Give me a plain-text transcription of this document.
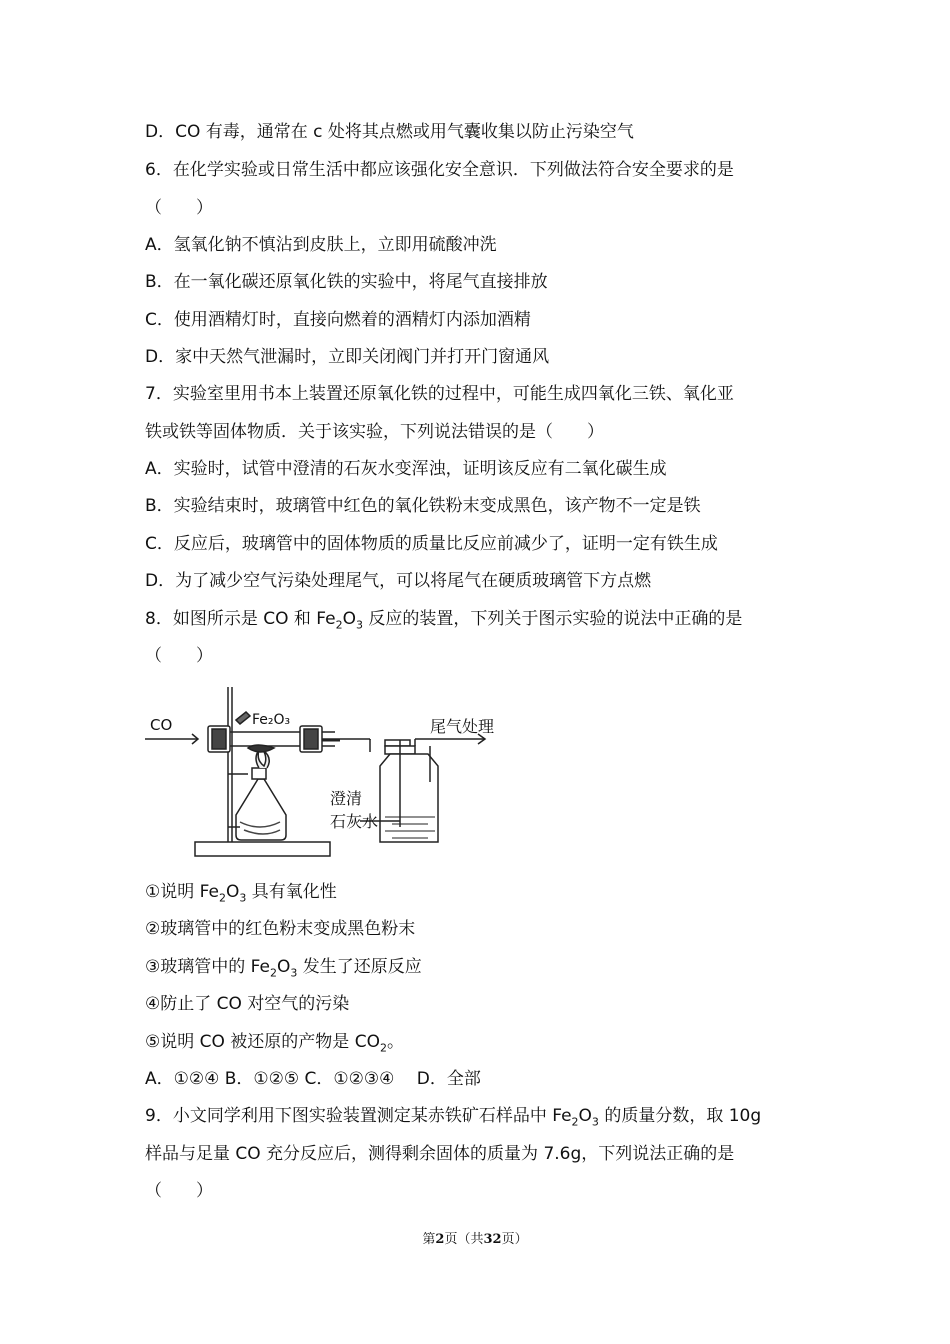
D．CO 有毒，通常在 c 处将其点燃或用气囊收集以防止污染空气
6．在化学实验或日常生活中都应该强化安全意识．下列做法符合安全要求的是
（　　）
A．氢氧化钠不慎沾到皮肤上，立即用硫酸冲洗
B．在一氧化碳还原氧化铁的实验中，将尾气直接排放
C．使用酒精灯时，直接向燃着的酒精灯内添加酒精
D．家中天然气泄漏时，立即关闭阀门并打开门窗通风
7．实验室里用书本上装置还原氧化铁的过程中，可能生成四氧化三铁、氧化亚
铁或铁等固体物质．关于该实验，下列说法错误的是（　　）
A．实验时，试管中澄清的石灰水变浑浊，证明该反应有二氧化碳生成
B．实验结束时，玻璃管中红色的氧化铁粉末变成黑色，该产物不一定是铁
C．反应后，玻璃管中的固体物质的质量比反应前减少了，证明一定有铁生成
D．为了减少空气污染处理尾气，可以将尾气在硬质玻璃管下方点燃
（　　）
④防止了 CO 对空气的污染
A．①②④ B．①②⑤ C．①②③④　 D．全部
（　　）
8．如图所示是 CO 和 $Fe_2O_3$ 反应的装置，下列关于图示实验的说法中正确的是
CO	Fe₂O₃	尾气处理
澄清
石灰水
①说明 $Fe_2O_3$ 具有氧化性
②玻璃管中的红色粉末变成黑色粉末
③玻璃管中的 $Fe_2O_3$ 发生了还原反应
⑤说明 CO 被还原的产物是 $CO_2$。
9．小文同学利用下图实验装置测定某赤铁矿石样品中 $Fe_2O_3$ 的质量分数，取 10g
样品与足量 CO 充分反应后，测得剩余固体的质量为 7.6g，下列说法正确的是
第2页（共32页）
